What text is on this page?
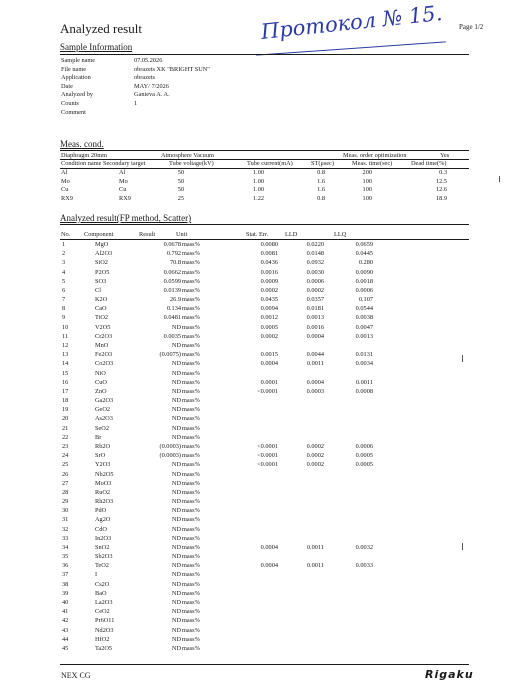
Analyzed result	Page 1/2
Протокол № 15.
Sample Information
Sample name	07.05.2026
File name	obrazets XK "BRIGHT SUN"
Application	obrazets
Date	MAY/ 7/2026
Analyzed by	Ganieva A. A.
Counts	1
Comment
Meas. cond.
Diaphragm 20mm	Atmosphere Vacuum	Meas. order optimization	Yes
Condition name Secondary target	Tube voltage(kV)	Tube current(mA)	ST(μsec)	Meas. time(sec)	Dead time(%)
Al	Al	50	1.00	0.8	200	0.3
Mo	Mo	50	1.00	1.6	100	12.5
Cu	Cu	50	1.00	1.6	100	12.6
RX9	RX9	25	1.22	0.8	100	18.9
Analyzed result(FP method, Scatter)
No. Component	Result	Unit	Stat. Err.	LLD	LLQ
1	MgO	0.0678 mass%	0.0080	0.0220	0.0659
2	Al2O3	0.792 mass%	0.0081	0.0148	0.0445
3	SiO2	70.8 mass%	0.0436	0.0932	0.280
4	P2O5	0.0662 mass%	0.0016	0.0030	0.0090
5	SO3	0.0599 mass%	0.0009	0.0006	0.0018
6	Cl	0.0139 mass%	0.0002	0.0002	0.0006
7	K2O	26.9 mass%	0.0435	0.0357	0.107
8	CaO	0.134 mass%	0.0094	0.0181	0.0544
9	TiO2	0.0481 mass%	0.0012	0.0013	0.0038
10	V2O5	ND mass%	0.0005	0.0016	0.0047
11	Cr2O3	0.0035 mass%	0.0002	0.0004	0.0013
12	MnO	ND mass%
13	Fe2O3	(0.0075) mass%	0.0015	0.0044	0.0131
14	Co2O3	ND mass%	0.0004	0.0011	0.0034
15	NiO	ND mass%
16	CuO	ND mass%	0.0001	0.0004	0.0011
17	ZnO	ND mass%	<0.0001	0.0003	0.0008
18	Ga2O3	ND mass%
19	GeO2	ND mass%
20	As2O3	ND mass%
21	SeO2	ND mass%
22	Br	ND mass%
23	Rb2O	(0.0003) mass%	<0.0001	0.0002	0.0006
24	SrO	(0.0003) mass%	<0.0001	0.0002	0.0005
25	Y2O3	ND mass%	<0.0001	0.0002	0.0005
26	Nb2O5	ND mass%
27	MoO3	ND mass%
28	RuO2	ND mass%
29	Rh2O3	ND mass%
30	PdO	ND mass%
31	Ag2O	ND mass%
32	CdO	ND mass%
33	In2O3	ND mass%
34	SnO2	ND mass%	0.0004	0.0011	0.0032
35	Sb2O3	ND mass%
36	TeO2	ND mass%	0.0004	0.0011	0.0033
37	I	ND mass%
38	Cs2O	ND mass%
39	BaO	ND mass%
40	La2O3	ND mass%
41	CeO2	ND mass%
42	Pr6O11	ND mass%
43	Nd2O3	ND mass%
44	HfO2	ND mass%
45	Ta2O5	ND mass%
NEX CG	Rigaku
